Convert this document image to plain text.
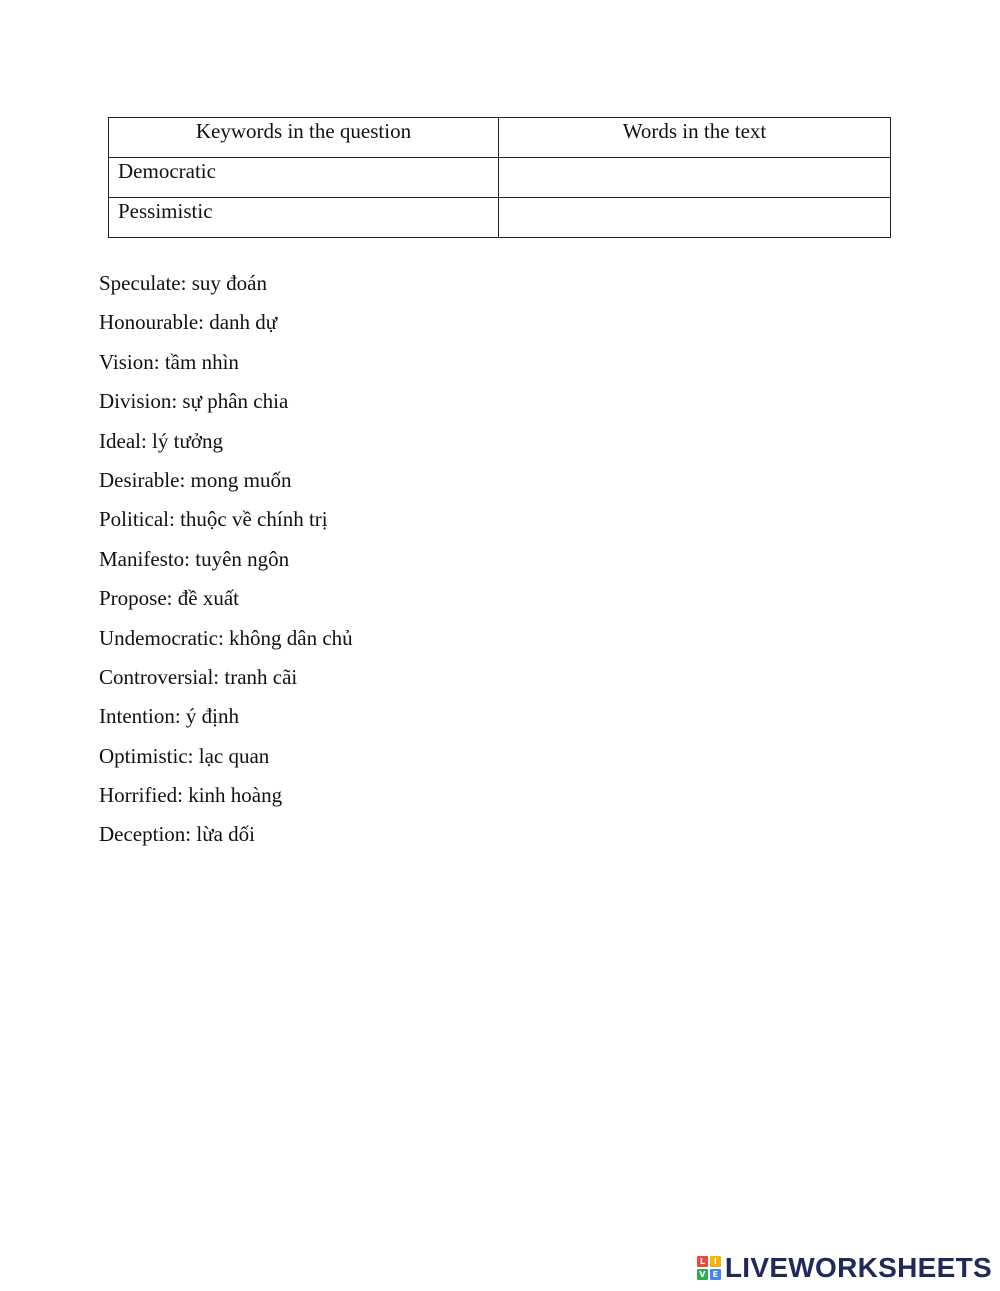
Keywords in the question	Words in the text
Democratic	
Pessimistic	
Speculate: suy đoán
Honourable: danh dự
Vision: tầm nhìn
Division: sự phân chia
Ideal: lý tưởng
Desirable: mong muốn
Political: thuộc về chính trị
Manifesto: tuyên ngôn
Propose: đề xuất
Undemocratic: không dân chủ
Controversial: tranh cãi
Intention: ý định
Optimistic: lạc quan
Horrified: kinh hoàng
Deception: lừa dối
L	I
V E LIVEWORKSHEETS
